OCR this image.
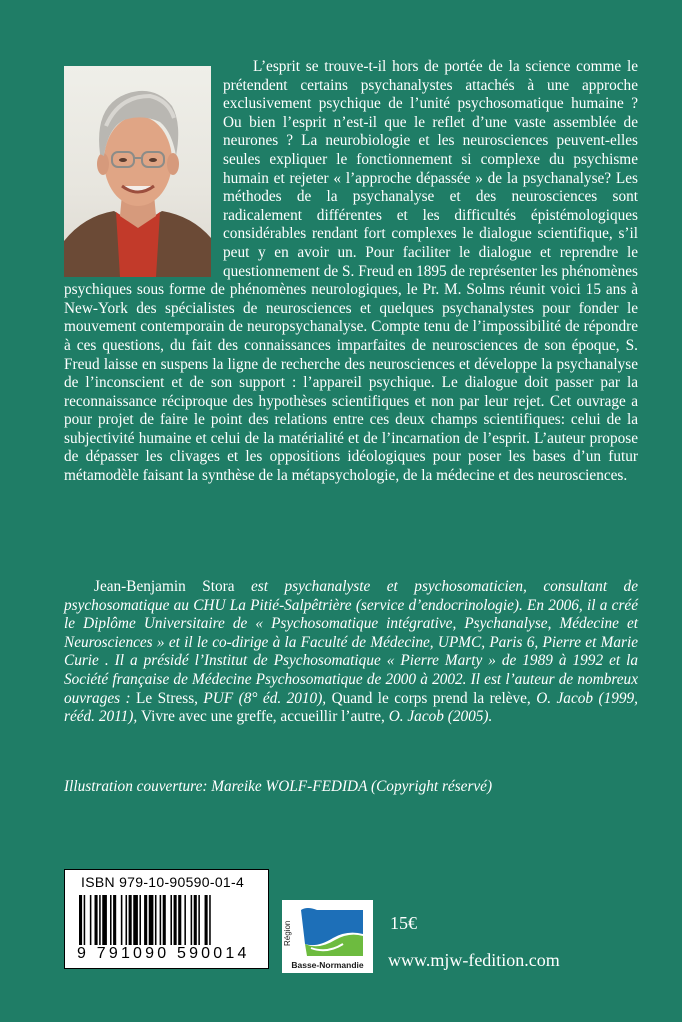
L’esprit se trouve-t-il hors de portée de la science comme le prétendent certains psychanalystes attachés à une approche exclusivement psychique de l’unité psychosomatique humaine ? Ou bien l’esprit n’est-il que le reflet d’une vaste assemblée de neurones ? La neurobiologie et les neurosciences peuvent-elles seules expliquer le fonctionnement si complexe du psychisme humain et rejeter « l’approche dépassée » de la psychanalyse? Les méthodes de la psychanalyse et des neurosciences sont radicalement différentes et les difficultés épistémologiques considérables rendant fort complexes le dialogue scientifique, s’il peut y en avoir un. Pour faciliter le dialogue et reprendre le questionnement de S. Freud en 1895 de représenter les phénomènes psychiques sous forme de phénomènes neurologiques, le Pr. M. Solms réunit voici 15 ans à New-York des spécialistes de neurosciences et quelques psychanalystes pour fonder le mouvement contemporain de neuropsychanalyse. Compte tenu de l’impossibilité de répondre à ces questions, du fait des connaissances imparfaites de neurosciences de son époque, S. Freud laisse en suspens la ligne de recherche des neurosciences et développe la psychanalyse de l’inconscient et de son support : l’appareil psychique. Le dialogue doit passer par la reconnaissance réciproque des hypothèses scientifiques et non par leur rejet. Cet ouvrage a pour projet de faire le point des relations entre ces deux champs scientifiques: celui de la subjectivité humaine et celui de la matérialité et de l’incarnation de l’esprit. L’auteur propose de dépasser les clivages et les oppositions idéologiques pour poser les bases d’un futur métamodèle faisant la synthèse de la métapsychologie, de la médecine et des neurosciences.

Jean-Benjamin Stora est psychanalyste et psychosomaticien, consultant de psychosomatique au CHU La Pitié-Salpêtrière (service d’endocrinologie). En 2006, il a créé le Diplôme Universitaire de « Psychosomatique intégrative, Psychanalyse, Médecine et Neurosciences » et il le co-dirige à la Faculté de Médecine, UPMC, Paris 6, Pierre et Marie Curie . Il a présidé l’Institut de Psychosomatique « Pierre Marty » de 1989 à 1992 et la Société française de Médecine Psychosomatique de 2000 à 2002. Il est l’auteur de nombreux ouvrages : Le Stress, PUF (8° éd. 2010), Quand le corps prend la relève, O. Jacob (1999, rééd. 2011), Vivre avec une greffe, accueillir l’autre, O. Jacob (2005).

Illustration couverture: Mareike WOLF-FEDIDA (Copyright réservé)

ISBN 979-10-90590-01-4
9 791090 590014
Région
Basse-Normandie
15€
www.mjw-fedition.com
